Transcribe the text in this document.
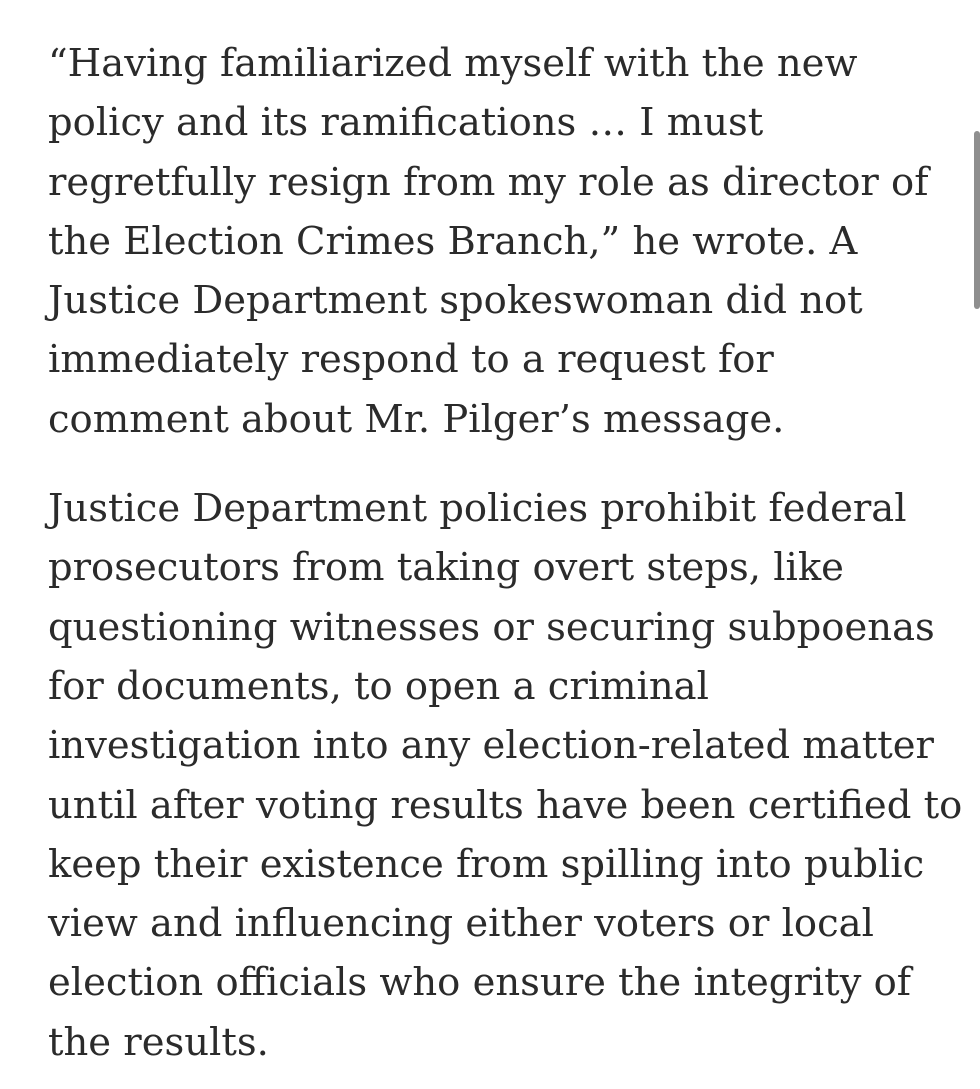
“Having familiarized myself with the new
policy and its ramifications … I must
regretfully resign from my role as director of
the Election Crimes Branch,” he wrote. A
Justice Department spokeswoman did not
immediately respond to a request for
comment about Mr. Pilger’s message.

Justice Department policies prohibit federal
prosecutors from taking overt steps, like
questioning witnesses or securing subpoenas
for documents, to open a criminal
investigation into any election-related matter
until after voting results have been certified to
keep their existence from spilling into public
view and influencing either voters or local
election officials who ensure the integrity of
the results.
